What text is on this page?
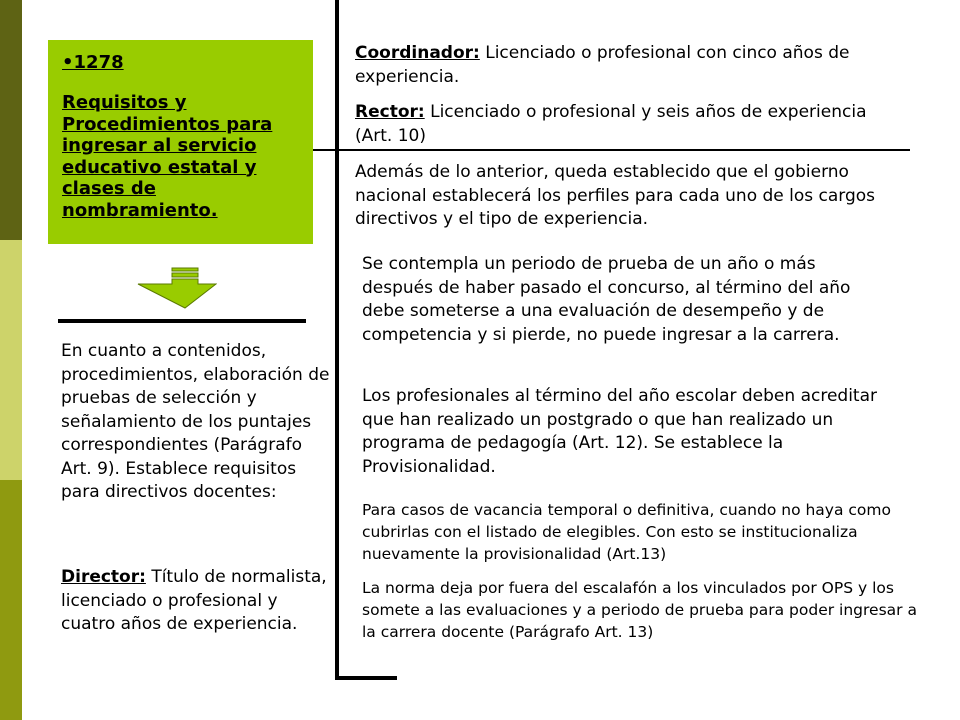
•1278
Requisitos y Procedimientos para ingresar al servicio educativo estatal y clases de nombramiento.
En cuanto a contenidos, procedimientos, elaboración de pruebas de selección y señalamiento de los puntajes correspondientes (Parágrafo Art. 9). Establece requisitos para directivos docentes:
Director: Título de normalista, licenciado o profesional y cuatro años de experiencia.
Coordinador: Licenciado o profesional con cinco años de experiencia.
Rector: Licenciado o profesional y seis años de experiencia (Art. 10)
Además de lo anterior, queda establecido que el gobierno nacional establecerá los perfiles para cada uno de los cargos directivos y el tipo de experiencia.
Se contempla un periodo de prueba de un año o más después de haber pasado el concurso, al término del año debe someterse a una evaluación de desempeño y de competencia y si pierde, no puede ingresar a la carrera.
Los profesionales al término del año escolar deben acreditar que han realizado un postgrado o que han realizado un programa de pedagogía (Art. 12). Se establece la Provisionalidad.
Para casos de vacancia temporal o definitiva, cuando no haya como cubrirlas con el listado de elegibles. Con esto se institucionaliza nuevamente la provisionalidad (Art.13)
La norma deja por fuera del escalafón a los vinculados por OPS y los somete a las evaluaciones y a periodo de prueba para poder ingresar a la carrera docente (Parágrafo Art. 13)
